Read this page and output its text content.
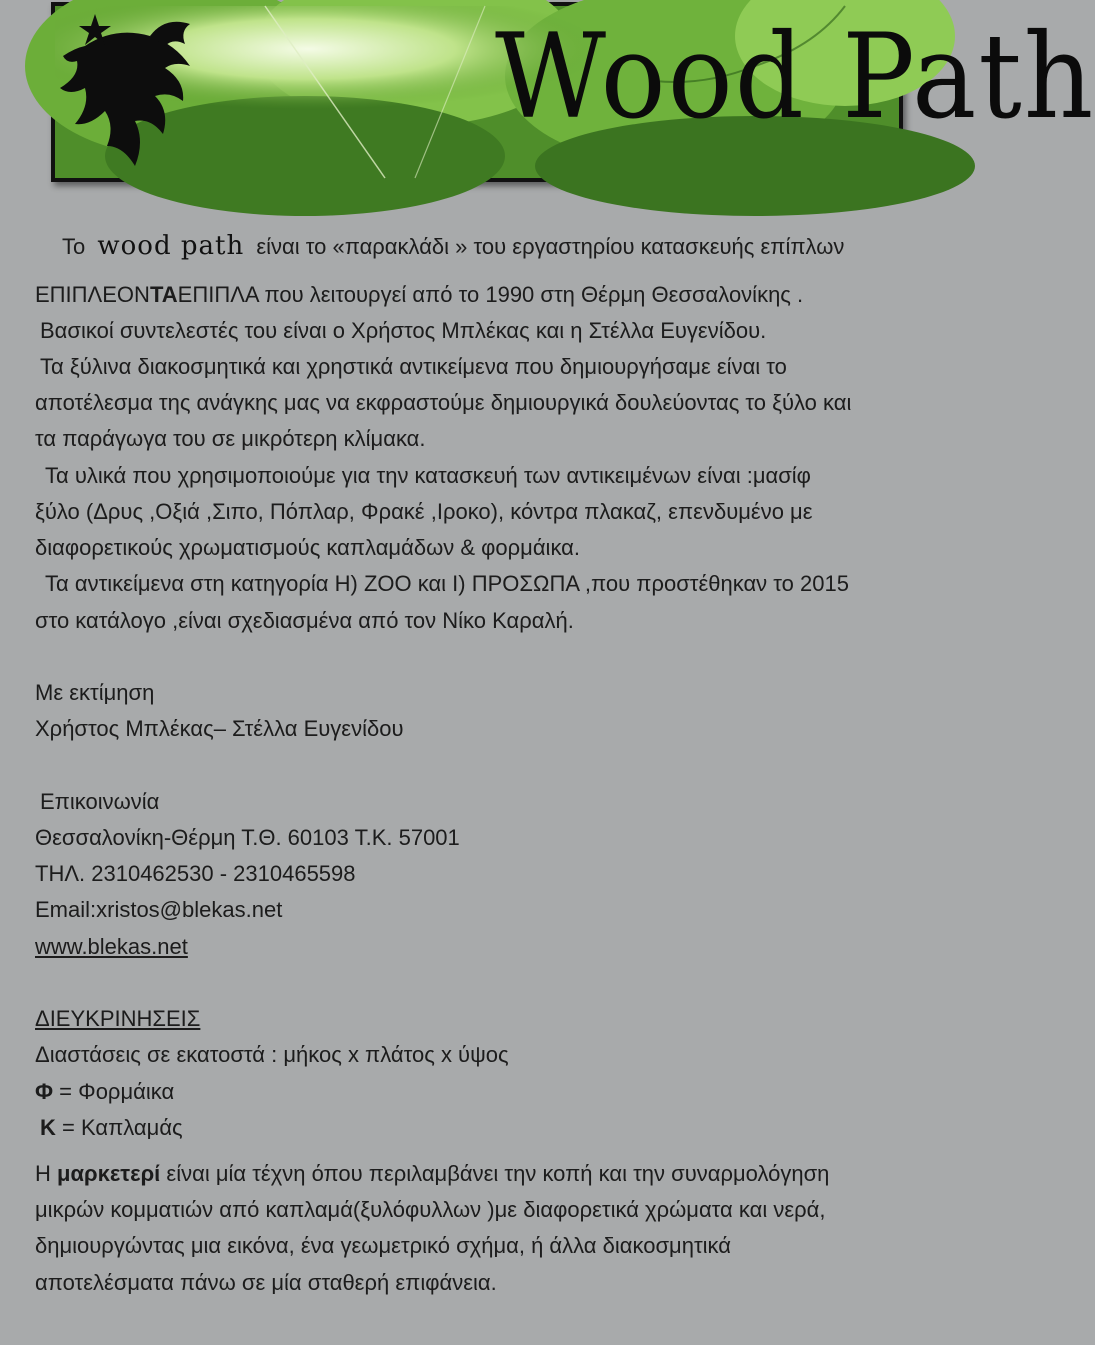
Wood Path
Το wood path είναι το «παρακλάδι » του εργαστηρίου κατασκευής επίπλων
ΕΠΙΠΛΕΟΝΤΑΕΠΙΠΛΑ που λειτουργεί από το 1990 στη Θέρμη Θεσσαλονίκης .
Βασικοί συντελεστές του είναι ο Χρήστος Μπλέκας και η Στέλλα Ευγενίδου.
Τα ξύλινα διακοσμητικά και χρηστικά αντικείμενα που δημιουργήσαμε είναι το
αποτέλεσμα της ανάγκης μας να εκφραστούμε δημιουργικά δουλεύοντας το ξύλο και
τα παράγωγα του σε μικρότερη κλίμακα.
Τα υλικά που χρησιμοποιούμε για την κατασκευή των αντικειμένων είναι :μασίφ
ξύλο (Δρυς ,Οξιά ,Σιπο, Πόπλαρ, Φρακέ ,Ιροκο), κόντρα πλακαζ, επενδυμένο με
διαφορετικούς χρωματισμούς καπλαμάδων & φορμάικα.
Τα αντικείμενα στη κατηγορία Η) ΖΟΟ και Ι) ΠΡΟΣΩΠΑ ,που προστέθηκαν το 2015
στο κατάλογο ,είναι σχεδιασμένα από τον Νίκο Καραλή.
Με εκτίμηση
Χρήστος Μπλέκας– Στέλλα Ευγενίδου
Επικοινωνία
Θεσσαλονίκη-Θέρμη Τ.Θ. 60103 Τ.Κ. 57001
ΤΗΛ. 2310462530 - 2310465598
Email:xristos@blekas.net
www.blekas.net
ΔΙΕΥΚΡΙΝΗΣΕΙΣ
Διαστάσεις σε εκατοστά : μήκος x πλάτος x ύψος
Φ = Φορμάικα
Κ = Καπλαμάς
Η μαρκετερί είναι μία τέχνη όπου περιλαμβάνει την κοπή και την συναρμολόγηση
μικρών κομματιών από καπλαμά(ξυλόφυλλων )με διαφορετικά χρώματα και νερά,
δημιουργώντας μια εικόνα, ένα γεωμετρικό σχήμα, ή άλλα διακοσμητικά
αποτελέσματα πάνω σε μία σταθερή επιφάνεια.
